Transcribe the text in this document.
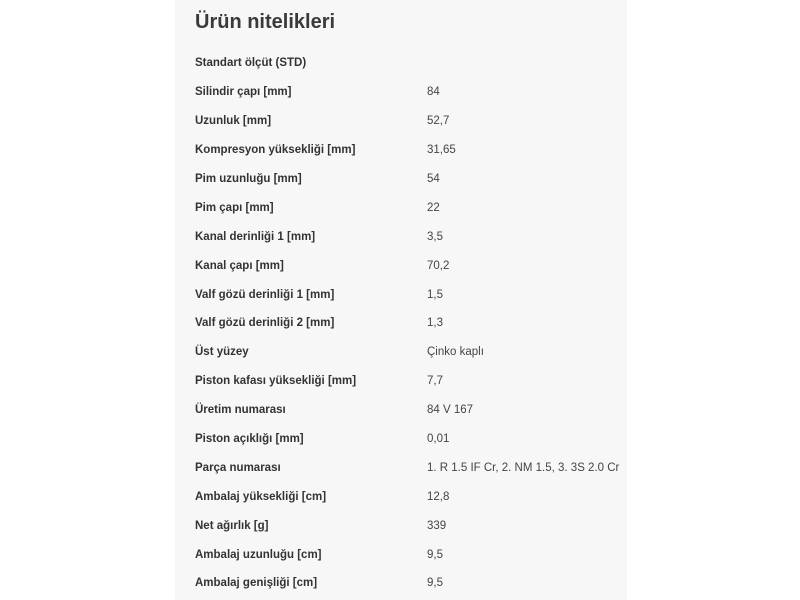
Ürün nitelikleri
Standart ölçüt (STD)
Silindir çapı [mm]	84
Uzunluk [mm]	52,7
Kompresyon yüksekliği [mm]	31,65
Pim uzunluğu [mm]	54
Pim çapı [mm]	22
Kanal derinliği 1 [mm]	3,5
Kanal çapı [mm]	70,2
Valf gözü derinliği 1 [mm]	1,5
Valf gözü derinliği 2 [mm]	1,3
Üst yüzey	Çinko kaplı
Piston kafası yüksekliği [mm]	7,7
Üretim numarası	84 V 167
Piston açıklığı [mm]	0,01
Parça numarası	1. R 1.5 IF Cr, 2. NM 1.5, 3. 3S 2.0 Cr
Ambalaj yüksekliği [cm]	12,8
Net ağırlık [g]	339
Ambalaj uzunluğu [cm]	9,5
Ambalaj genişliği [cm]	9,5
